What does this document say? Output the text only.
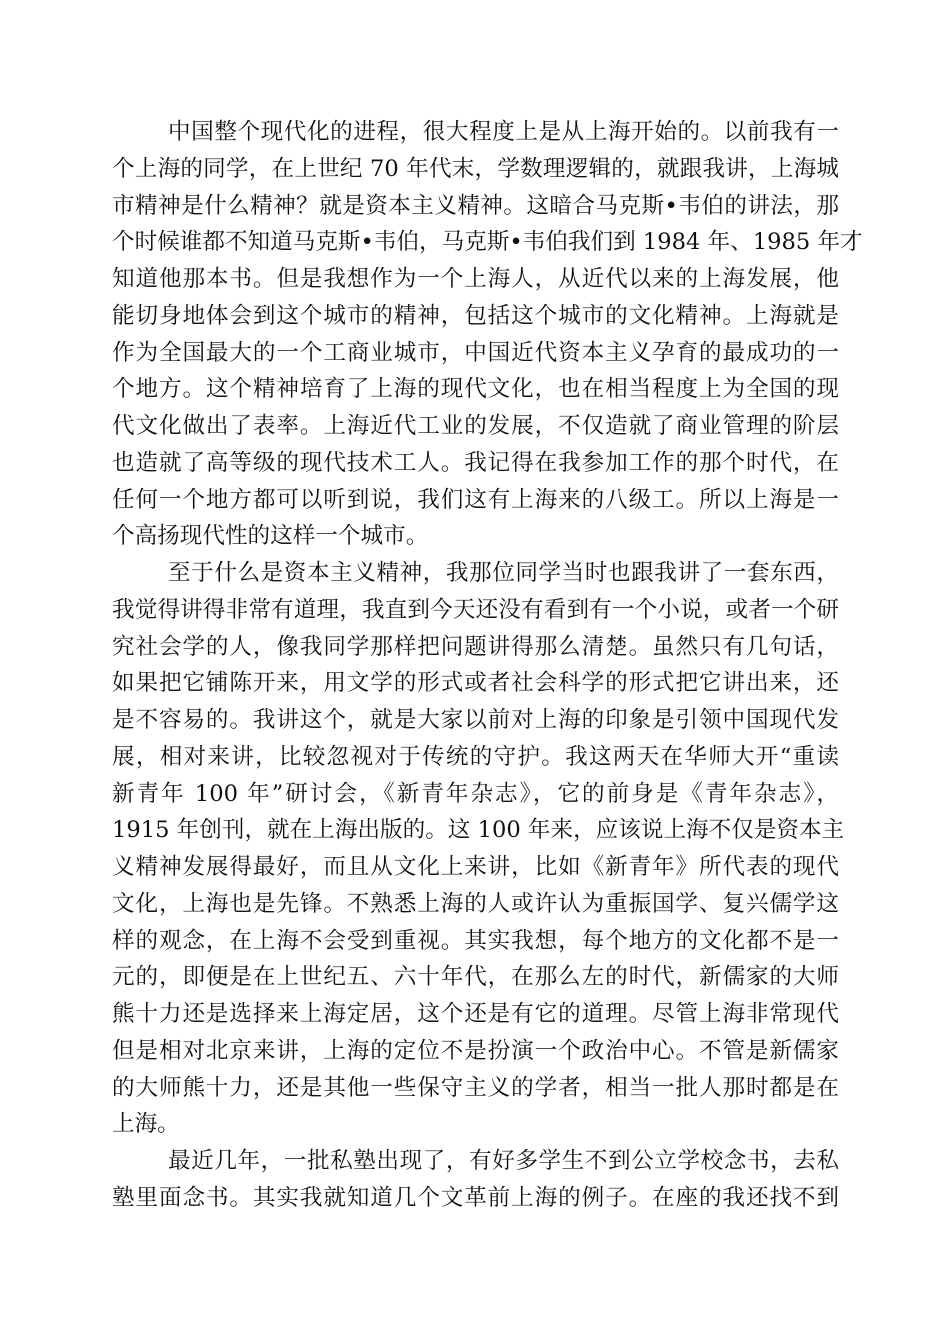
中国整个现代化的进程，很大程度上是从上海开始的。以前我有一
个上海的同学，在上世纪 70 年代末，学数理逻辑的，就跟我讲，上海城
市精神是什么精神？就是资本主义精神。这暗合马克斯•韦伯的讲法，那
个时候谁都不知道马克斯•韦伯，马克斯•韦伯我们到 1984 年、1985 年才
知道他那本书。但是我想作为一个上海人，从近代以来的上海发展，他
能切身地体会到这个城市的精神，包括这个城市的文化精神。上海就是
作为全国最大的一个工商业城市，中国近代资本主义孕育的最成功的一
个地方。这个精神培育了上海的现代文化，也在相当程度上为全国的现
代文化做出了表率。上海近代工业的发展，不仅造就了商业管理的阶层
也造就了高等级的现代技术工人。我记得在我参加工作的那个时代，在
任何一个地方都可以听到说，我们这有上海来的八级工。所以上海是一
个高扬现代性的这样一个城市。
至于什么是资本主义精神，我那位同学当时也跟我讲了一套东西，
我觉得讲得非常有道理，我直到今天还没有看到有一个小说，或者一个研
究社会学的人，像我同学那样把问题讲得那么清楚。虽然只有几句话，
如果把它铺陈开来，用文学的形式或者社会科学的形式把它讲出来，还
是不容易的。我讲这个，就是大家以前对上海的印象是引领中国现代发
展，相对来讲，比较忽视对于传统的守护。我这两天在华师大开“重读
新青年 100 年”研讨会，《新青年杂志》，它的前身是《青年杂志》，
1915 年创刊，就在上海出版的。这 100 年来，应该说上海不仅是资本主
义精神发展得最好，而且从文化上来讲，比如《新青年》所代表的现代
文化，上海也是先锋。不熟悉上海的人或许认为重振国学、复兴儒学这
样的观念，在上海不会受到重视。其实我想，每个地方的文化都不是一
元的，即便是在上世纪五、六十年代，在那么左的时代，新儒家的大师
熊十力还是选择来上海定居，这个还是有它的道理。尽管上海非常现代
但是相对北京来讲，上海的定位不是扮演一个政治中心。不管是新儒家
的大师熊十力，还是其他一些保守主义的学者，相当一批人那时都是在
上海。
最近几年，一批私塾出现了，有好多学生不到公立学校念书，去私
塾里面念书。其实我就知道几个文革前上海的例子。在座的我还找不到
